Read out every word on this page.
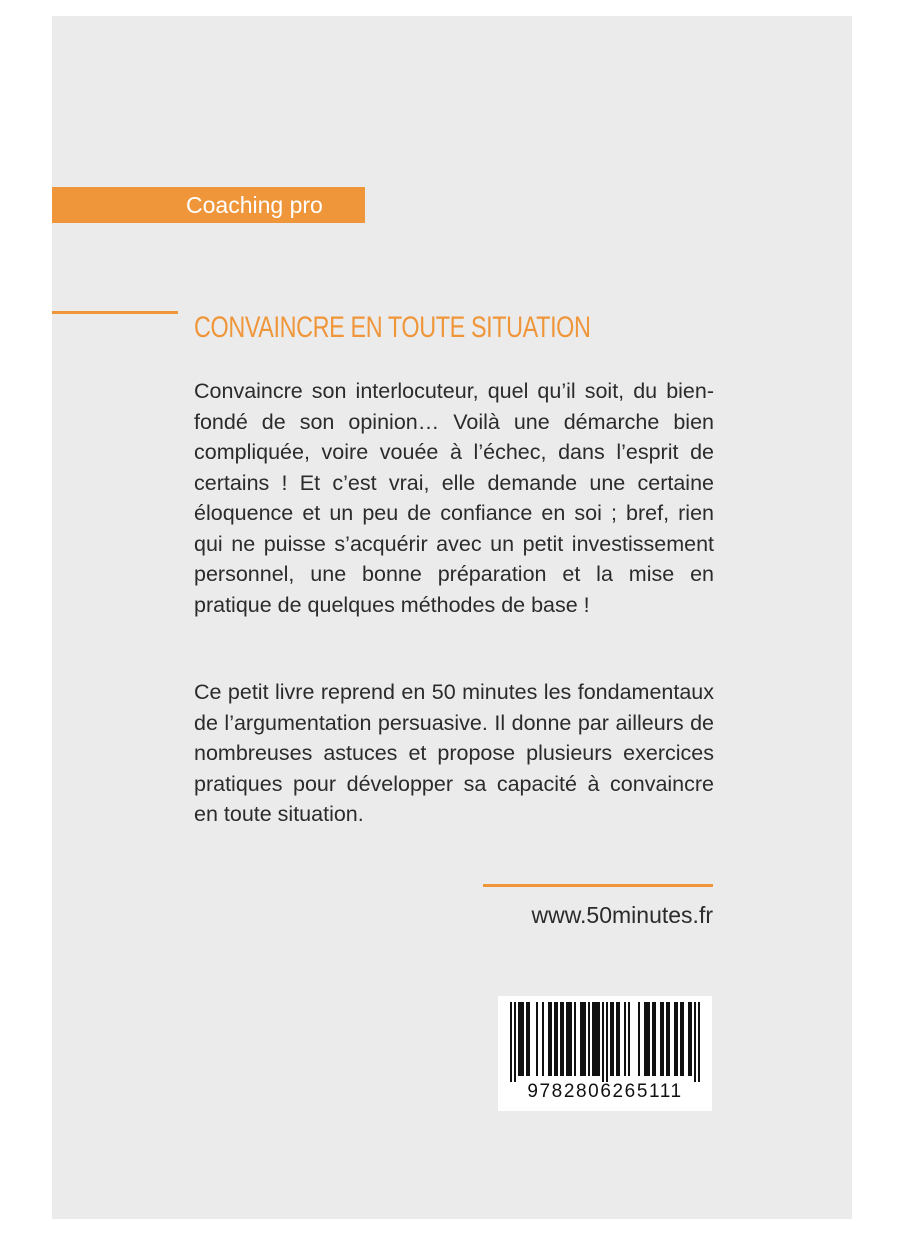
Coaching pro
CONVAINCRE EN TOUTE SITUATION

Convaincre son interlocuteur, quel qu’il soit, du bien-fondé de son opinion… Voilà une démarche bien compliquée, voire vouée à l’échec, dans l’esprit de certains ! Et c’est vrai, elle demande une certaine éloquence et un peu de confiance en soi ; bref, rien qui ne puisse s’acquérir avec un petit investissement personnel, une bonne préparation et la mise en pratique de quelques méthodes de base !

Ce petit livre reprend en 50 minutes les fondamentaux de l’argumentation persuasive. Il donne par ailleurs de nombreuses astuces et propose plusieurs exercices pratiques pour développer sa capacité à convaincre en toute situation.

www.50minutes.fr
9782806265111
